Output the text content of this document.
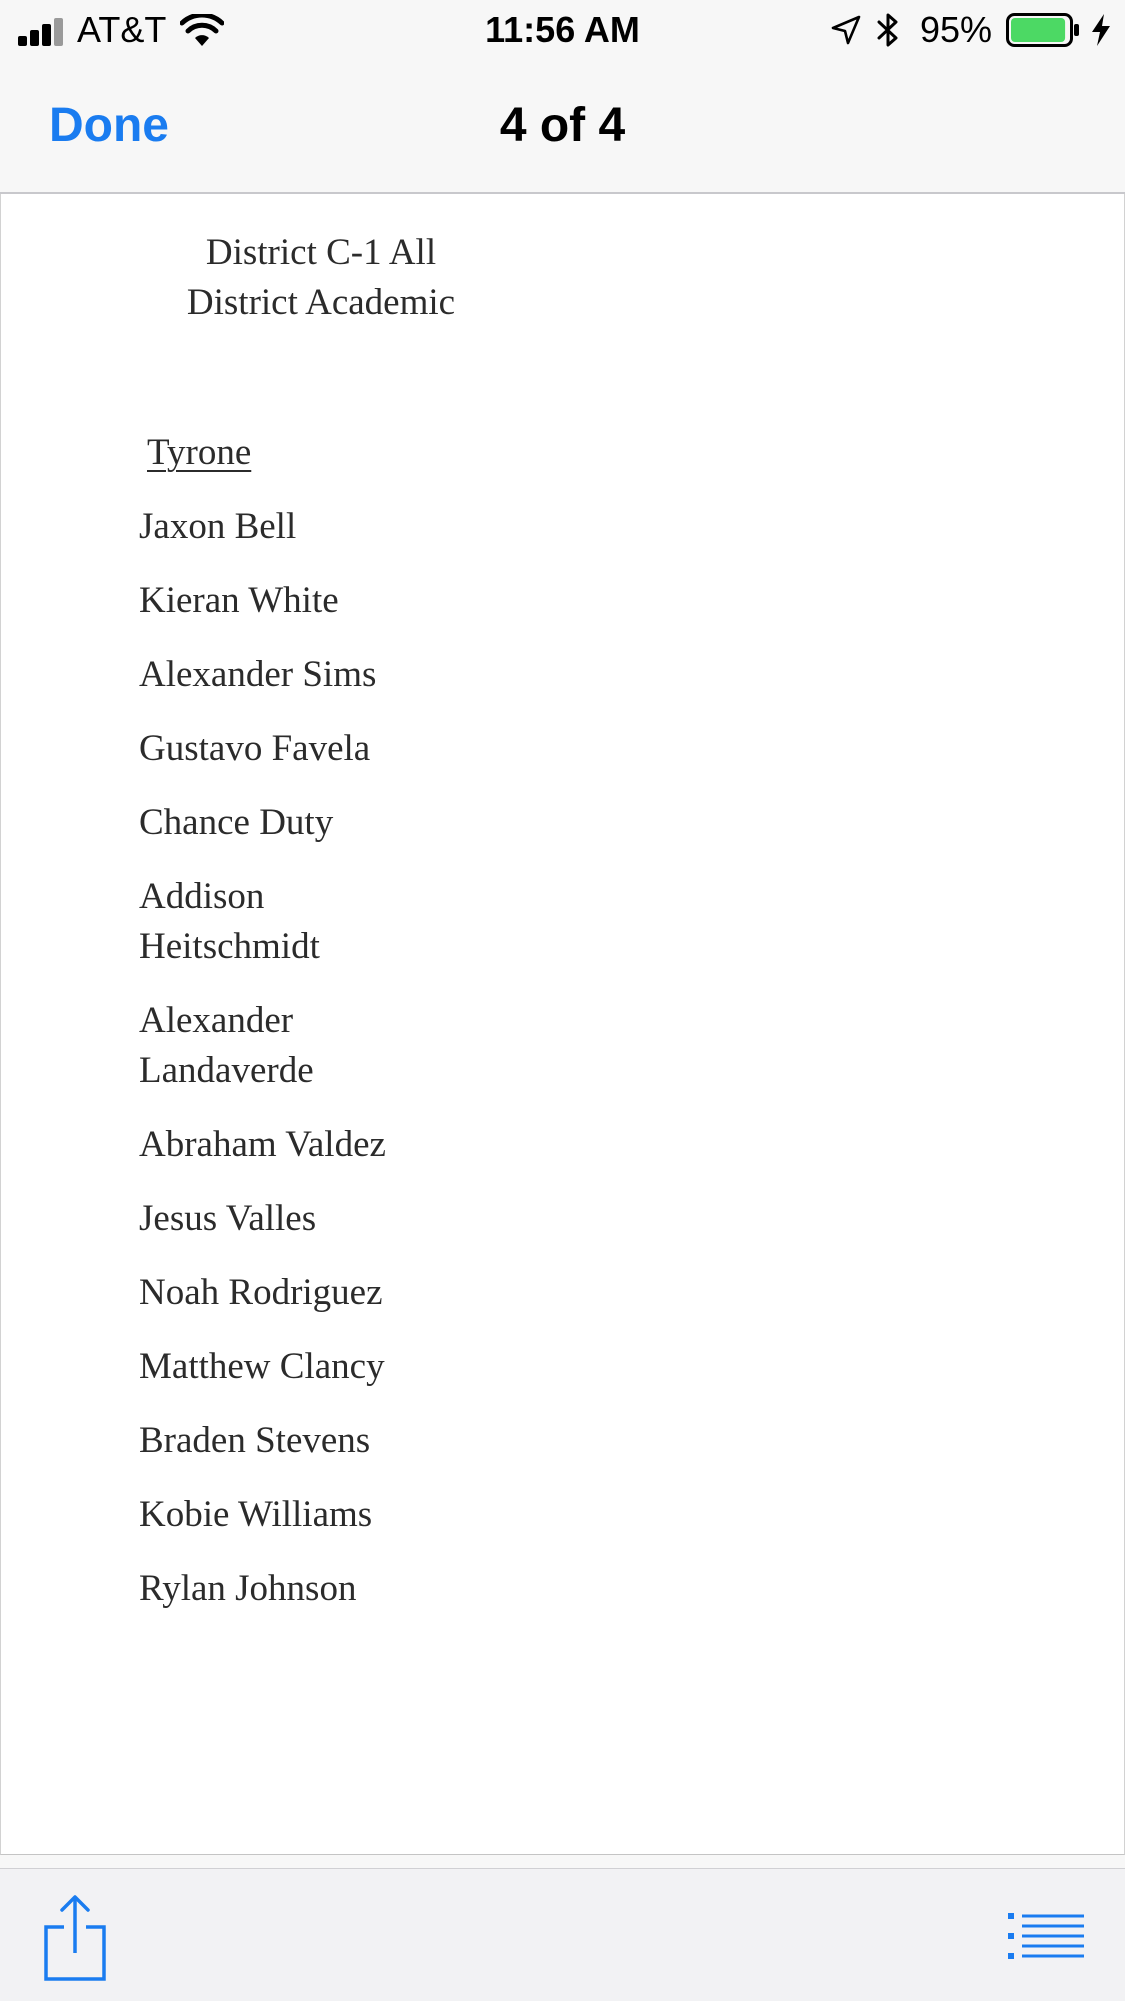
AT&T	11:56 AM	95%
Done	4 of 4
District C-1 All
District Academic
Tyrone
Jaxon Bell
Kieran White
Alexander Sims
Gustavo Favela
Chance Duty
Addison Heitschmidt
Alexander Landaverde
Abraham Valdez
Jesus Valles
Noah Rodriguez
Matthew Clancy
Braden Stevens
Kobie Williams
Rylan Johnson
